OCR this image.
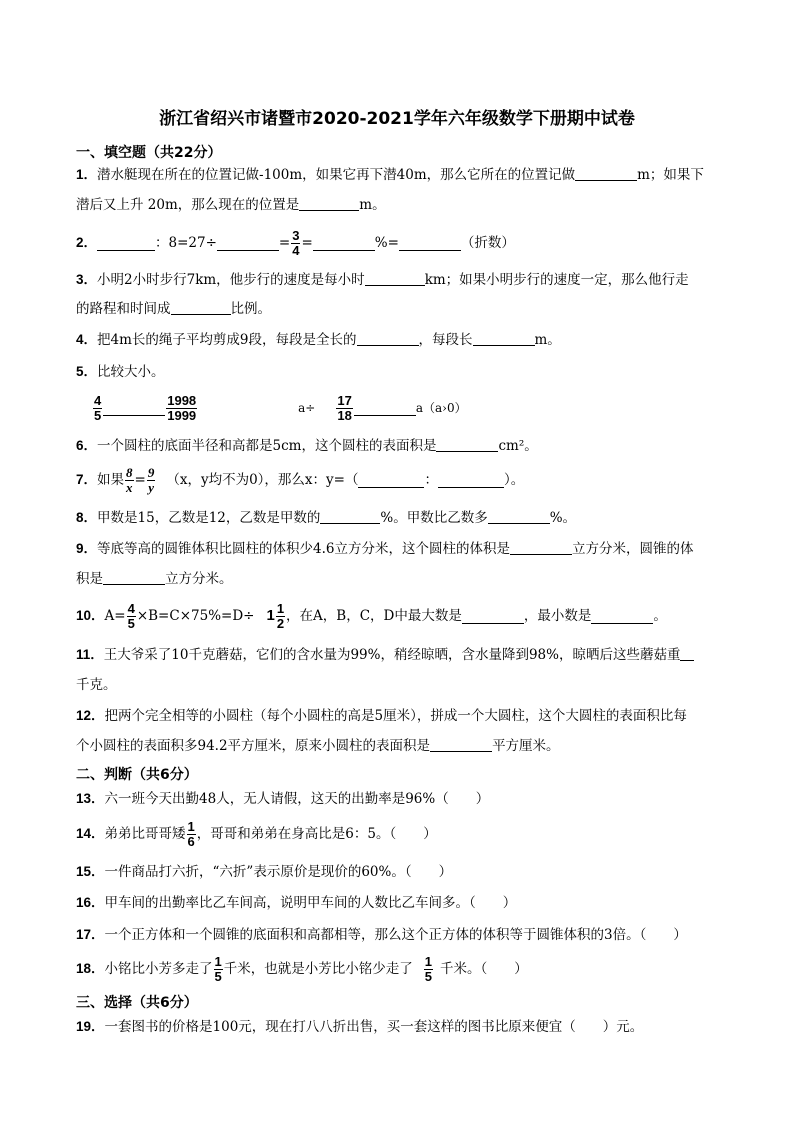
浙江省绍兴市诸暨市2020-2021学年六年级数学下册期中试卷
一、填空题（共22分）
1．潜水艇现在所在的位置记做-100m，如果它再下潜40m，那么它所在的位置记做	m；如果下
潜后又上升 20m，那么现在的位置是	m。
2．	：8=27÷	= $\frac{3}{4}$ =	%=	（折数）
3．小明2小时步行7km，他步行的速度是每小时	km；如果小明步行的速度一定，那么他行走
的路程和时间成	比例。
4．把4m长的绳子平均剪成9段，每段是全长的	，每段长	m。
5．比较大小。
$\frac{4}{5}$	$\frac{1998}{1999}$	$a\div \frac{17}{18}$	a（a›0）
6．一个圆柱的底面半径和高都是5cm，这个圆柱的表面积是	cm²。
7． 如果 $\frac{8}{x} = \frac{9}{y} (x$，y均不为0），那么x：y=（	：	）。
8．甲数是15，乙数是12，乙数是甲数的	%。甲数比乙数多	%。
9．等底等高的圆锥体积比圆柱的体积少4.6立方分米，这个圆柱的体积是	立方分米，圆锥的体
积是	立方分米。
10． $A= \frac{4}{5} \times B=C\times 75\%=D\div 1 \frac{1}{2}$ ，在A，B，C，D中最大数是	，最小数是	。
11．王大爷采了10千克蘑菇，它们的含水量为99%，稍经晾晒，含水量降到98%，晾晒后这些蘑菇重
千克。
12．把两个完全相等的小圆柱（每个小圆柱的高是5厘米），拼成一个大圆柱，这个大圆柱的表面积比每
个小圆柱的表面积多94.2平方厘米，原来小圆柱的表面积是	平方厘米。
二、判断（共6分）
13．六一班今天出勤48人，无人请假，这天的出勤率是96%（　　）
14． 弟弟比哥哥矮 $\frac{1}{6}$ ，哥哥和弟弟在身高比是6：5。（　　）
15．一件商品打六折，“六折”表示原价是现价的60%。（　　）
16．甲车间的出勤率比乙车间高，说明甲车间的人数比乙车间多。（　　）
17．一个正方体和一个圆锥的底面积和高都相等，那么这个正方体的体积等于圆锥体积的3倍。（　　）
18． 小铭比小芳多走了 $\frac{1}{5}$ 千米，也就是小芳比小铭少走了 $\frac{1}{5}$ 千米。（　　）
三、选择（共6分）
19．一套图书的价格是100元，现在打八八折出售，买一套这样的图书比原来便宜（　　）元。
